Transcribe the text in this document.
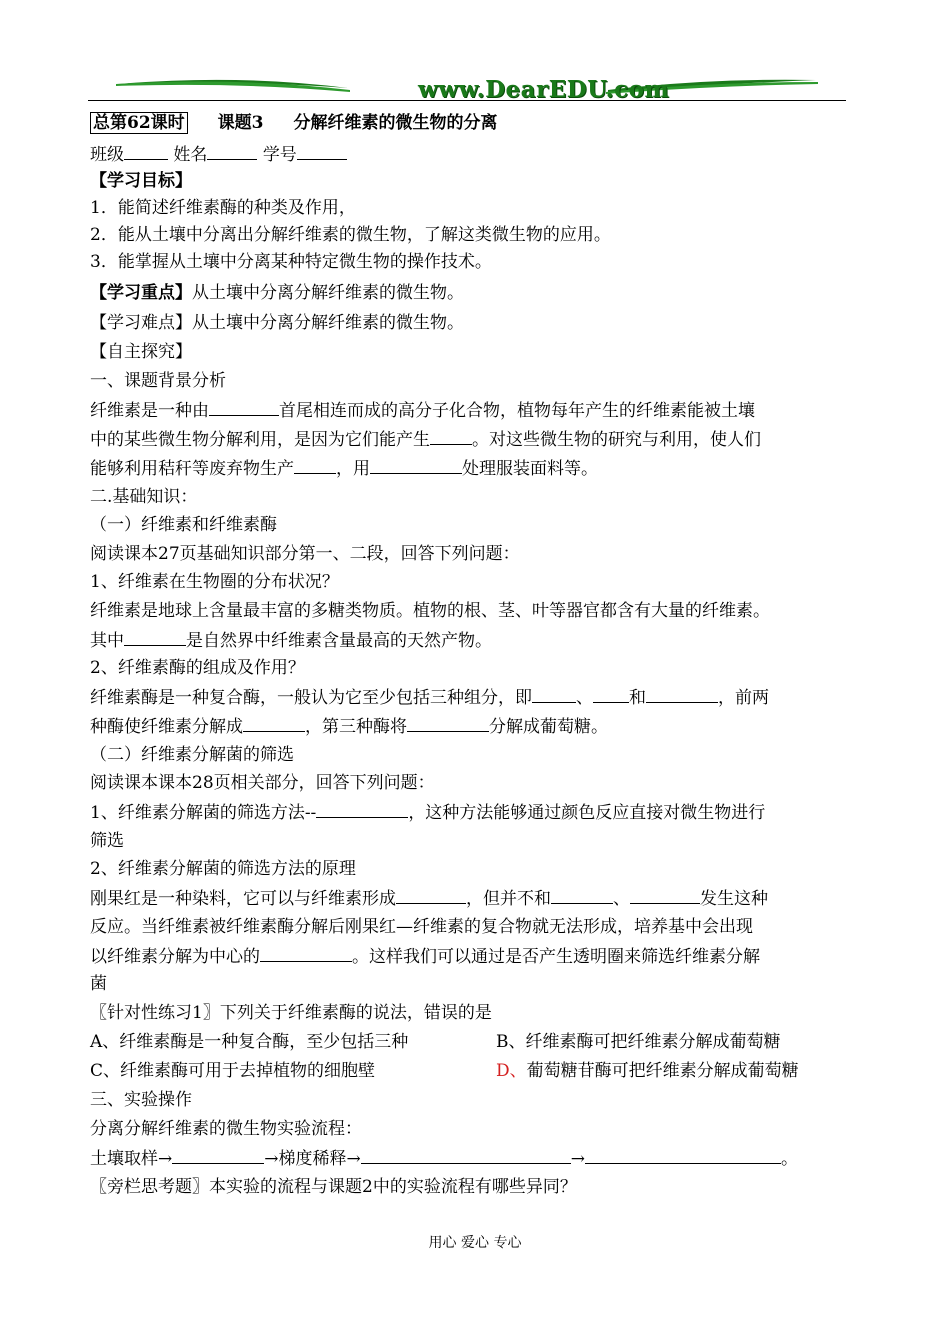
www.DearEDU.com
总第62课时 课题3 分解纤维素的微生物的分离
班级	姓名	学号
【学习目标】
1．能简述纤维素酶的种类及作用，
2．能从土壤中分离出分解纤维素的微生物，了解这类微生物的应用。
3．能掌握从土壤中分离某种特定微生物的操作技术。
【学习重点】从土壤中分离分解纤维素的微生物。
【学习难点】从土壤中分离分解纤维素的微生物。
【自主探究】
一、课题背景分析
纤维素是一种由	首尾相连而成的高分子化合物，植物每年产生的纤维素能被土壤
中的某些微生物分解利用，是因为它们能产生 。对这些微生物的研究与利用，使人们
能够利用秸秆等废弃物生产 ，用	处理服装面料等。
二.基础知识：
（一）纤维素和纤维素酶
阅读课本27页基础知识部分第一、二段，回答下列问题：
1、纤维素在生物圈的分布状况？
纤维素是地球上含量最丰富的多糖类物质。植物的根、茎、叶等器官都含有大量的纤维素。
其中	是自然界中纤维素含量最高的天然产物。
2、纤维素酶的组成及作用？
纤维素酶是一种复合酶，一般认为它至少包括三种组分，即	、 和	，前两
种酶使纤维素分解成	，第三种酶将	分解成葡萄糖。
（二）纤维素分解菌的筛选
阅读课本课本28页相关部分，回答下列问题：
1、纤维素分解菌的筛选方法--	，这种方法能够通过颜色反应直接对微生物进行
筛选
2、纤维素分解菌的筛选方法的原理
刚果红是一种染料，它可以与纤维素形成	，但并不和	、	发生这种
反应。当纤维素被纤维素酶分解后刚果红—纤维素的复合物就无法形成，培养基中会出现
以纤维素分解为中心的	。这样我们可以通过是否产生透明圈来筛选纤维素分解
菌
〖针对性练习1〗下列关于纤维素酶的说法，错误的是
A、纤维素酶是一种复合酶，至少包括三种	B、纤维素酶可把纤维素分解成葡萄糖
C、纤维素酶可用于去掉植物的细胞壁	D、葡萄糖苷酶可把纤维素分解成葡萄糖
三、实验操作
分离分解纤维素的微生物实验流程：
土壤取样→	→梯度稀释→	→	。
〖旁栏思考题〗本实验的流程与课题2中的实验流程有哪些异同？
用心 爱心 专心
